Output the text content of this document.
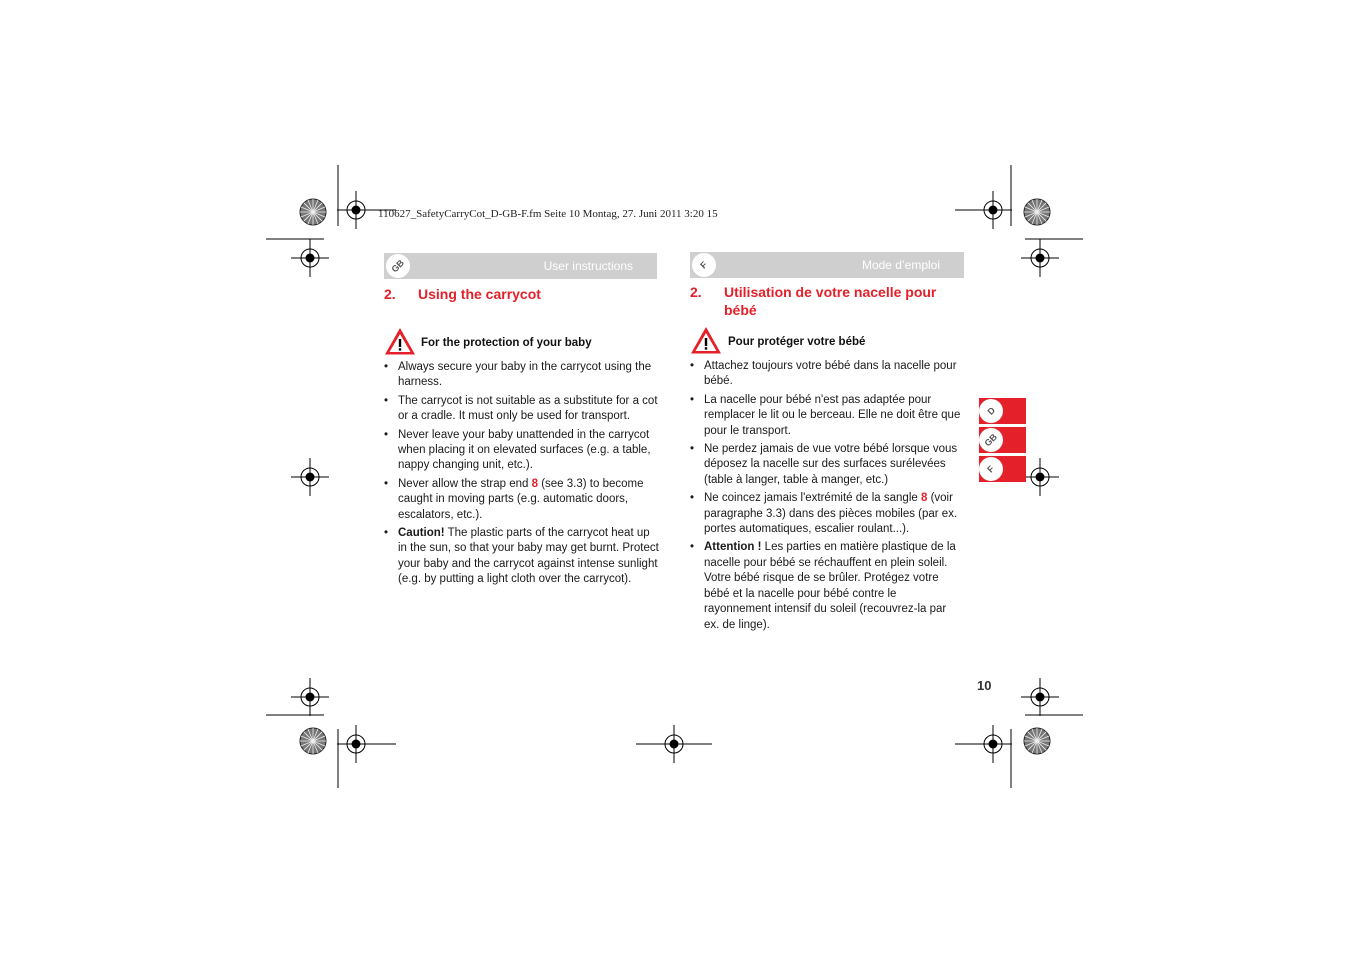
110627_SafetyCarryCot_D-GB-F.fm Seite 10 Montag, 27. Juni 2011 3:20 15
GB	User instructions
2. Using the carrycot
For the protection of your baby
• Always secure your baby in the carrycot using the harness.
• The carrycot is not suitable as a substitute for a cot or a cradle. It must only be used for transport.
• Never leave your baby unattended in the carrycot when placing it on elevated surfaces (e.g. a table, nappy changing unit, etc.).
• Never allow the strap end 8 (see 3.3) to become caught in moving parts (e.g. automatic doors, escalators, etc.).
• Caution! The plastic parts of the carrycot heat up in the sun, so that your baby may get burnt. Protect your baby and the carrycot against intense sunlight (e.g. by putting a light cloth over the carrycot).
F	Mode d’emploi
2. Utilisation de votre nacelle pour
bébé
Pour protéger votre bébé
• Attachez toujours votre bébé dans la nacelle pour bébé.
• La nacelle pour bébé n'est pas adaptée pour remplacer le lit ou le berceau. Elle ne doit être que pour le transport.
• Ne perdez jamais de vue votre bébé lorsque vous déposez la nacelle sur des surfaces surélevées
(table à langer, table à manger, etc.)
• Ne coincez jamais l'extrémité de la sangle 8 (voir paragraphe 3.3) dans des pièces mobiles (par ex. portes automatiques, escalier roulant...).
• Attention ! Les parties en matière plastique de la nacelle pour bébé se réchauffent en plein soleil. Votre bébé risque de se brûler. Protégez votre bébé et la nacelle pour bébé contre le rayonnement intensif du soleil (recouvrez-la par ex. de linge).
D
GB
F
10
